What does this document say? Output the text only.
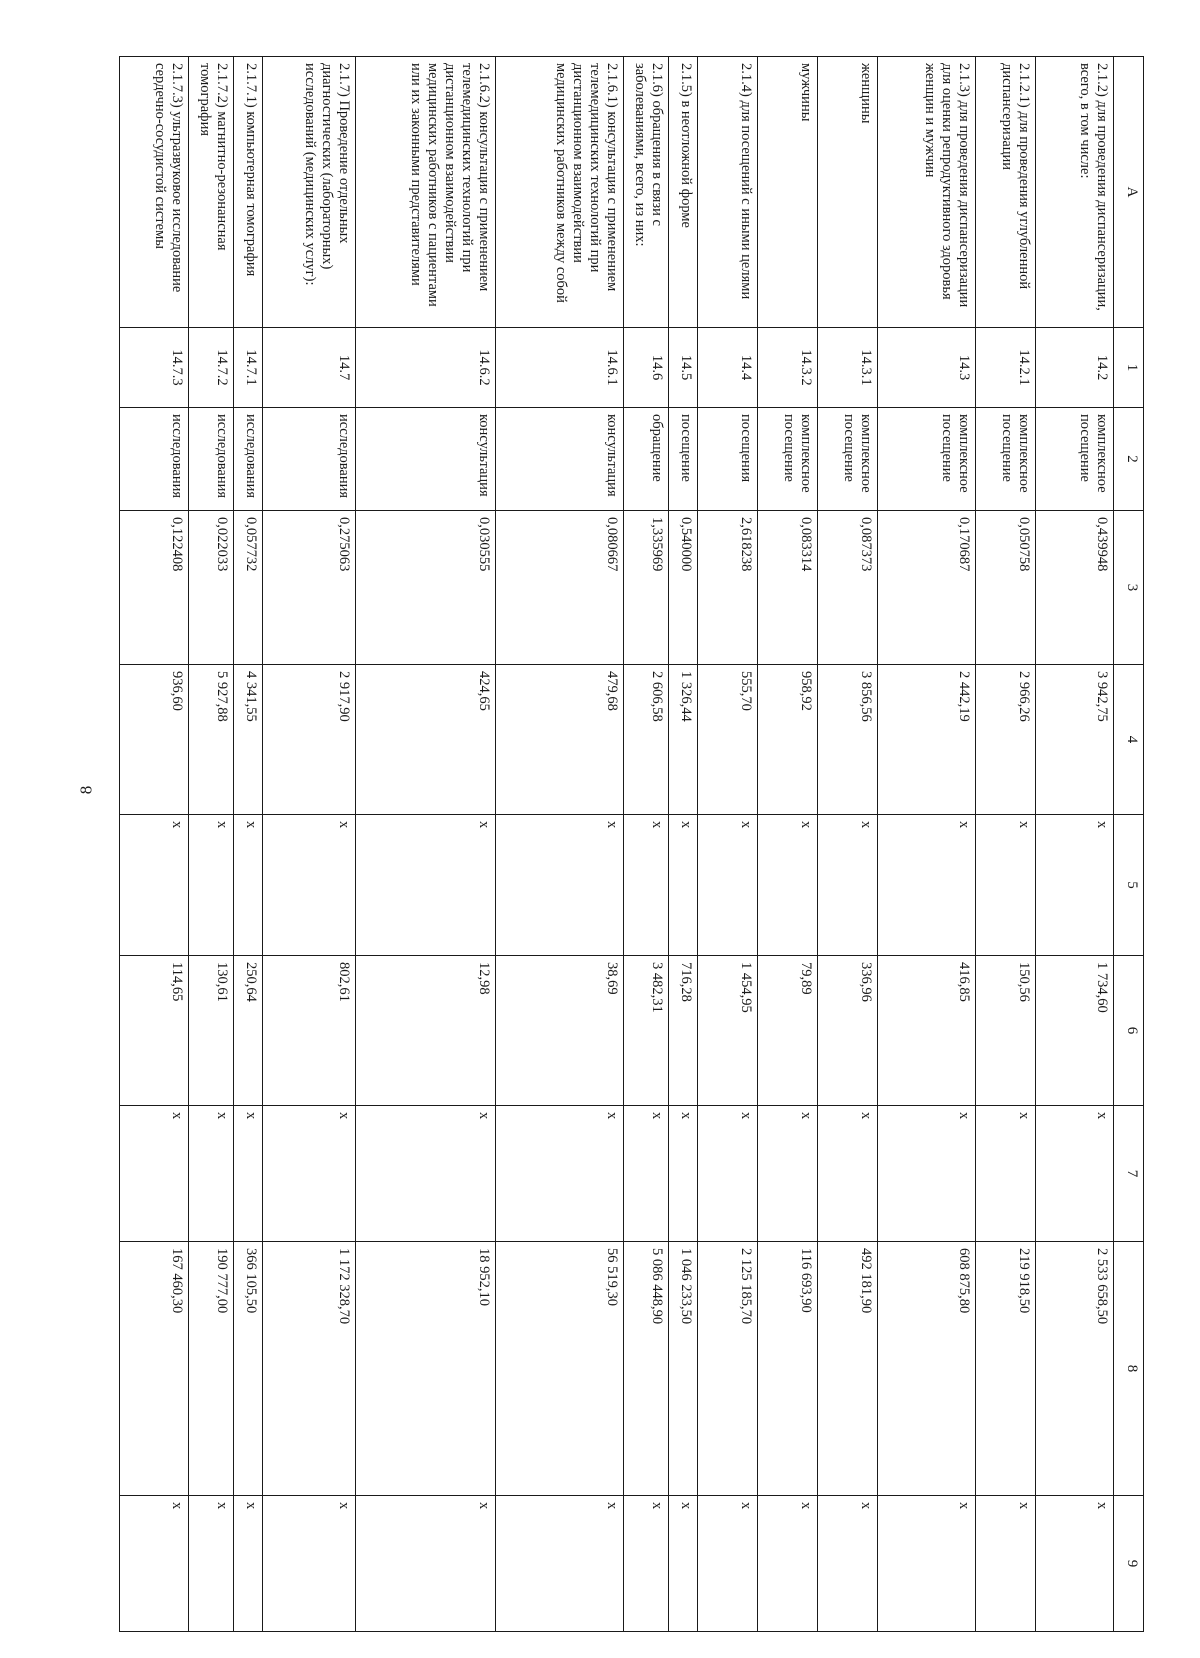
8
А	1	2	3	4	5	6	7	8	9
2.1.2) для проведения диспансеризации, всего, в том числе:	14.2	комплексное посещение	0,439948	3 942,75	х	1 734,60	х	2 533 658,50	х
2.1.2.1) для проведения углубленной диспансеризации	14.2.1	комплексное посещение	0,050758	2 966,26	х	150,56	х	219 918,50	х
2.1.3) для проведения диспансеризации для оценки репродуктивного здоровья женщин и мужчин	14.3	комплексное посещение	0,170687	2 442,19	х	416,85	х	608 875,80	х
женщины	14.3.1	комплексное посещение	0,087373	3 856,56	х	336,96	х	492 181,90	х
мужчины	14.3.2	комплексное посещение	0,083314	958,92	х	79,89	х	116 693,90	х
2.1.4) для посещений с иными целями	14.4	посещения	2,618238	555,70	х	1 454,95	х	2 125 185,70	х
2.1.5) в неотложной форме	14.5	посещение	0,540000	1 326,44	х	716,28	х	1 046 233,50	х
2.1.6) обращения в связи с заболеваниями, всего, из них:	14.6	обращение	1,335969	2 606,58	х	3 482,31	х	5 086 448,90	х
2.1.6.1) консультация с применением телемедицинских технологий при дистанционном взаимодействии медицинских работников между собой	14.6.1	консультация	0,080667	479,68	х	38,69	х	56 519,30	х
2.1.6.2) консультация с применением телемедицинских технологий при дистанционном взаимодействии медицинских работников с пациентами или их законными представителями	14.6.2	консультация	0,030555	424,65	х	12,98	х	18 952,10	х
2.1.7) Проведение отдельных диагностических (лабораторных) исследований (медицинских услуг):	14.7	исследования	0,275063	2 917,90	х	802,61	х	1 172 328,70	х
2.1.7.1) компьютерная томография	14.7.1	исследования	0,057732	4 341,55	х	250,64	х	366 105,50	х
2.1.7.2) магнитно-резонансная томография	14.7.2	исследования	0,022033	5 927,88	х	130,61	х	190 777,00	х
2.1.7.3) ультразвуковое исследование сердечно-сосудистой системы	14.7.3	исследования	0,122408	936,60	х	114,65	х	167 460,30	х
